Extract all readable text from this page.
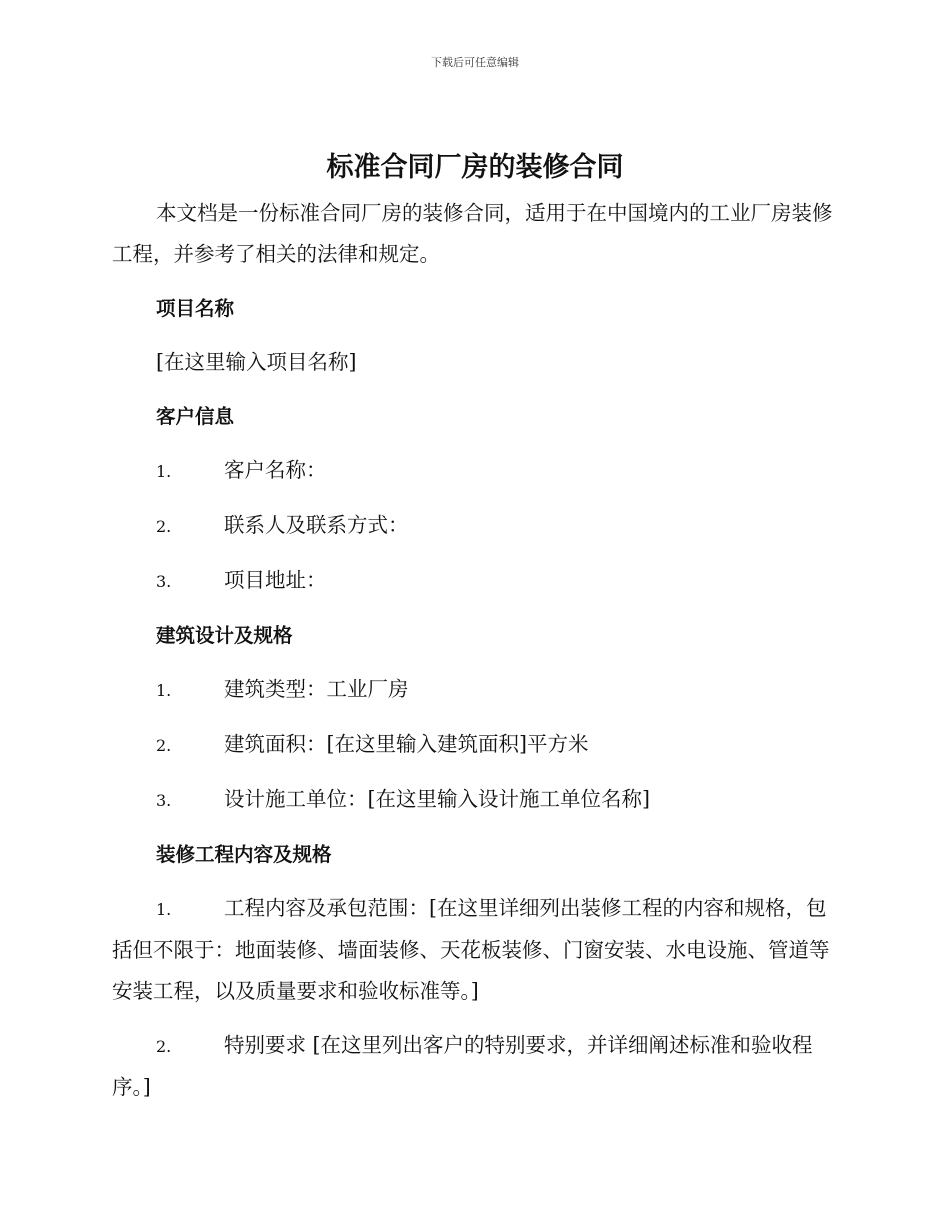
下载后可任意编辑
标准合同厂房的装修合同

本文档是一份标准合同厂房的装修合同，适用于在中国境内的工业厂房装修工程，并参考了相关的法律和规定。

项目名称

[在这里输入项目名称]

客户信息
1.	客户名称：
2.	联系人及联系方式：
3.	项目地址：
建筑设计及规格
1.	建筑类型：工业厂房
2.	建筑面积：[在这里输入建筑面积]平方米
3.	设计施工单位：[在这里输入设计施工单位名称]
装修工程内容及规格

1.	工程内容及承包范围：[在这里详细列出装修工程的内容和规格，包括但不限于：地面装修、墙面装修、天花板装修、门窗安装、水电设施、管道等安装工程，以及质量要求和验收标准等。]

2.	特别要求 [在这里列出客户的特别要求，并详细阐述标准和验收程序。]
